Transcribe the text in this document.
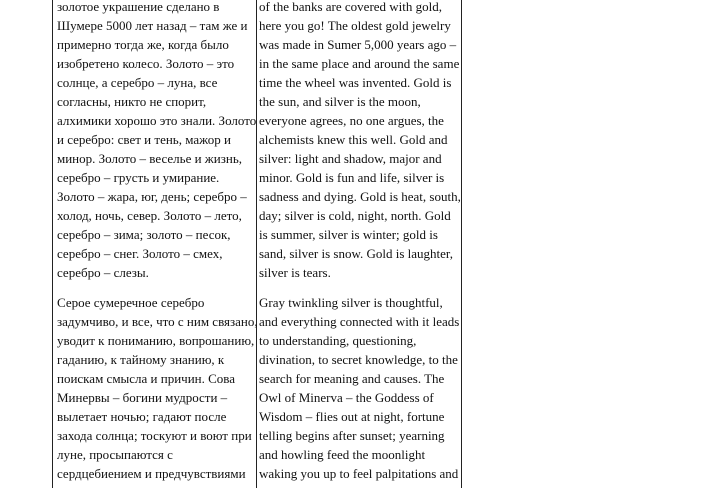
золотое украшение сделано в

Шумере 5000 лет назад – там же и

примерно тогда же, когда было

изобретено колесо. Золото – это

солнце, а серебро – луна, все

согласны, никто не спорит,

алхимики хорошо это знали. Золото

и серебро: свет и тень, мажор и

минор. Золото – веселье и жизнь,

серебро – грусть и умирание.

Золото – жара, юг, день; серебро –

холод, ночь, север. Золото – лето,

серебро – зима; золото – песок,

серебро – снег. Золото – смех,

серебро – слезы.

Серое сумеречное серебро

задумчиво, и все, что с ним связано,

уводит к пониманию, вопрошанию,

гаданию, к тайному знанию, к

поискам смысла и причин. Сова

Минервы – богини мудрости –

вылетает ночью; гадают после

захода солнца; тоскуют и воют при

луне, просыпаются с

сердцебиением и предчувствиями

of the banks are covered with gold,

here you go! The oldest gold jewelry

was made in Sumer 5,000 years ago –

in the same place and around the same

time the wheel was invented. Gold is

the sun, and silver is the moon,

everyone agrees, no one argues, the

alchemists knew this well. Gold and

silver: light and shadow, major and

minor. Gold is fun and life, silver is

sadness and dying. Gold is heat, south,

day; silver is cold, night, north. Gold

is summer, silver is winter; gold is

sand, silver is snow. Gold is laughter,

silver is tears.

Gray twinkling silver is thoughtful,

and everything connected with it leads

to understanding, questioning,

divination, to secret knowledge, to the

search for meaning and causes. The

Owl of Minerva – the Goddess of

Wisdom – flies out at night, fortune

telling begins after sunset; yearning

and howling feed the moonlight

waking you up to feel palpitations and
